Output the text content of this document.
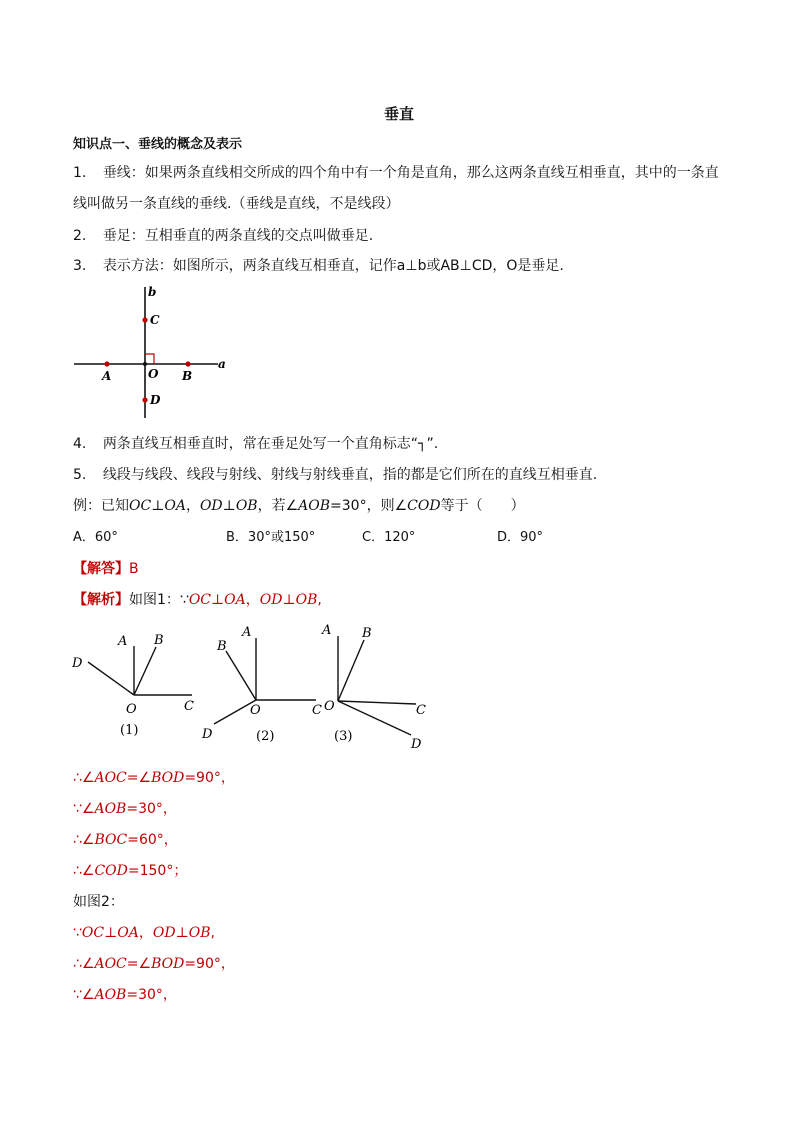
垂直
知识点一、垂线的概念及表示
1. 垂线：如果两条直线相交所成的四个角中有一个角是直角，那么这两条直线互相垂直，其中的一条直
线叫做另一条直线的垂线.（垂线是直线，不是线段）
2. 垂足：互相垂直的两条直线的交点叫做垂足.
3. 表示方法：如图所示，两条直线互相垂直，记作a⊥b或AB⊥CD，O是垂足.
b
C
a
A	O B
D
4. 两条直线互相垂直时，常在垂足处写一个直角标志“┐”.
5. 线段与线段、线段与射线、射线与射线垂直，指的都是它们所在的直线互相垂直.
例：已知OC⊥OA，OD⊥OB，若∠AOB=30°，则∠COD等于（　　）
A．60°	B．30°或150°	C．120°	D．90°
【解答】B
【解析】如图1：∵OC⊥OA，OD⊥OB,
A B
D
O	C
(1)
A
B
O	C
D	(2)
A B
O	C
D
(3)
∴∠AOC=∠BOD=90°，
∵∠AOB=30°，
∴∠BOC=60°，
∴∠COD=150°；
如图2：
∵OC⊥OA，OD⊥OB,
∴∠AOC=∠BOD=90°，
∵∠AOB=30°，
